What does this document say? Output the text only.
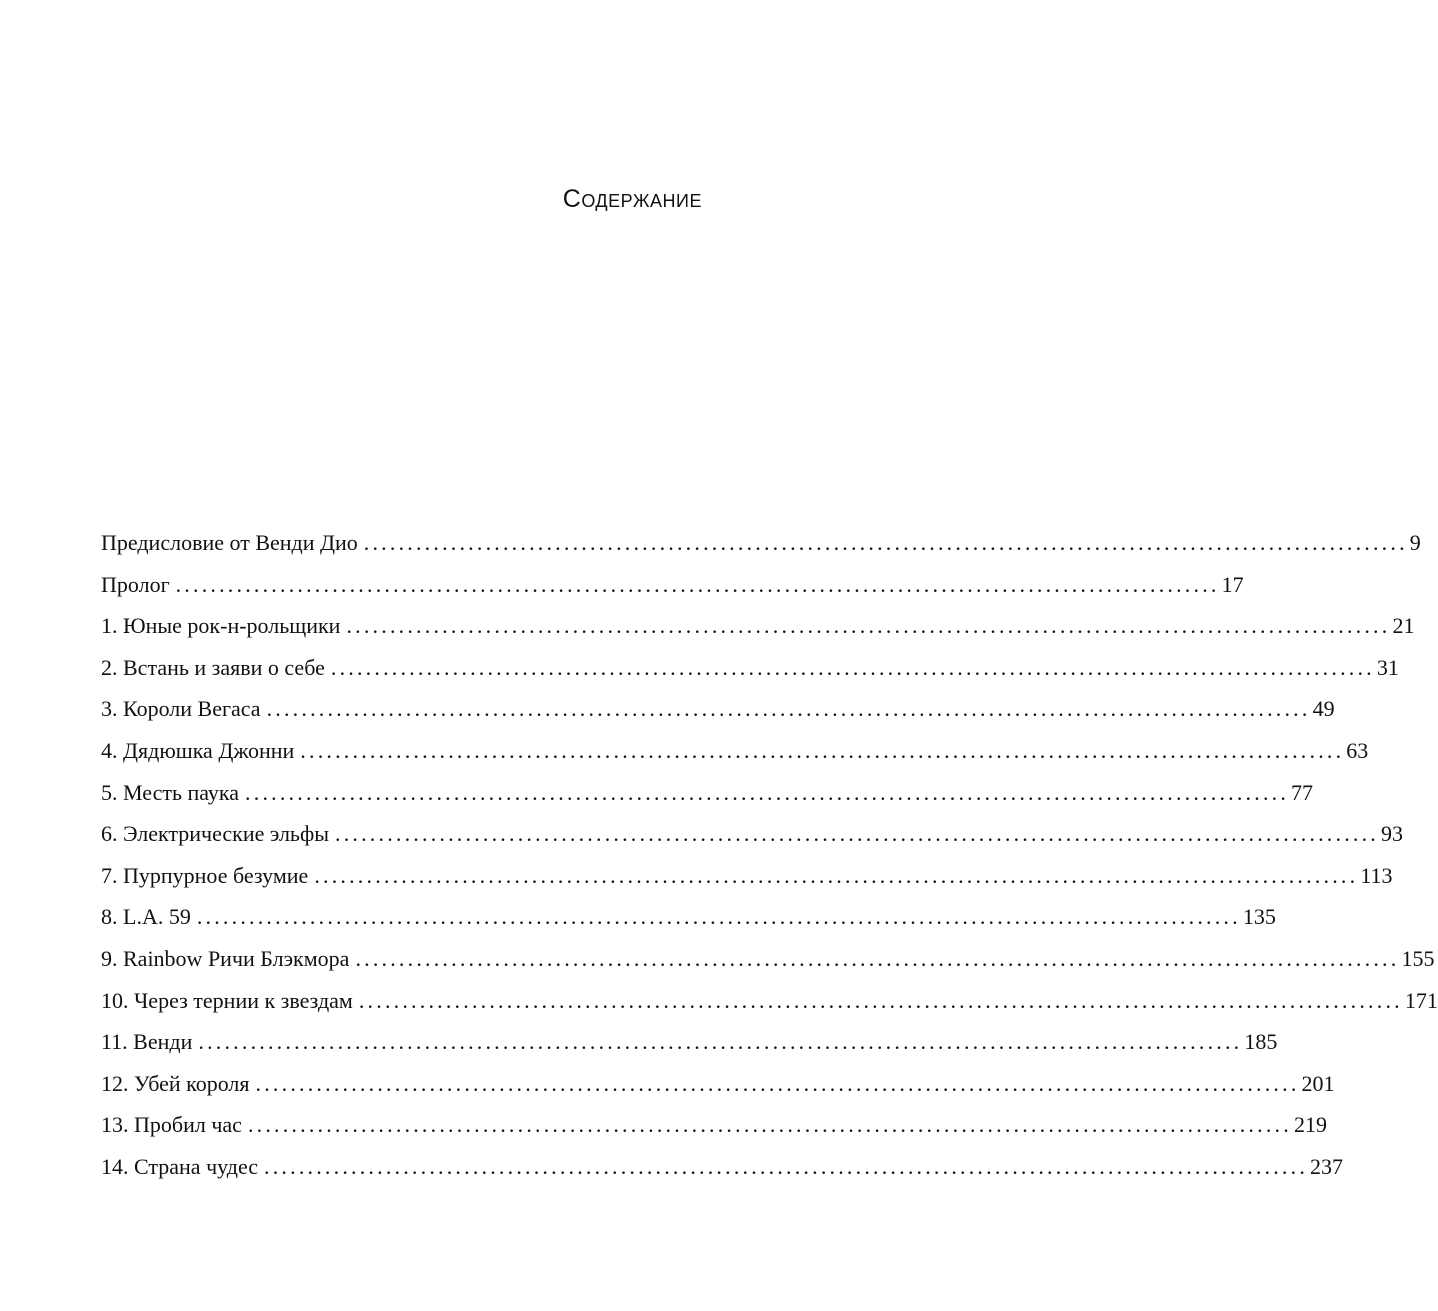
Содержание
Предисловие от Венди Дио ........................................................................................................................ 9
Пролог ........................................................................................................................ 17
1. Юные рок-н-рольщики ........................................................................................................................ 21
2. Встань и заяви о себе ........................................................................................................................ 31
3. Короли Вегаса ........................................................................................................................ 49
4. Дядюшка Джонни ........................................................................................................................ 63
5. Месть паука ........................................................................................................................ 77
6. Электрические эльфы ........................................................................................................................ 93
7. Пурпурное безумие ........................................................................................................................ 113
8. L.A. 59 ........................................................................................................................ 135
9. Rainbow Ричи Блэкмора ........................................................................................................................ 155
10. Через тернии к звездам ........................................................................................................................ 171
11. Венди ........................................................................................................................ 185
12. Убей короля ........................................................................................................................ 201
13. Пробил час ........................................................................................................................ 219
14. Страна чудес ........................................................................................................................ 237
